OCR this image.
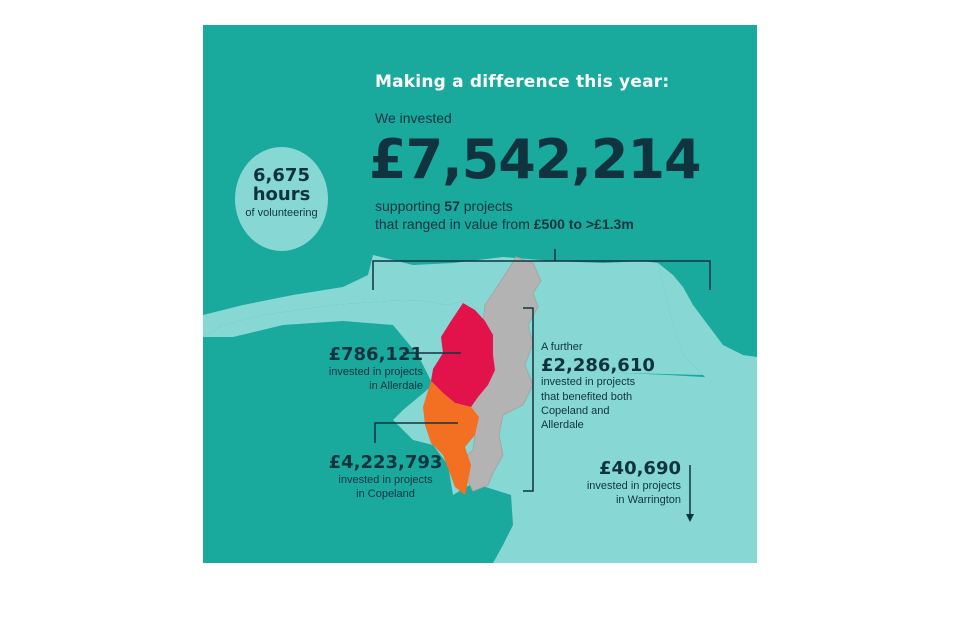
Making a difference this year:

We invested

£7,542,214

supporting 57 projects
that ranged in value from £500 to >£1.3m

6,675
hours
of volunteering
£786,121
invested in projects
in Allerdale
£4,223,793
invested in projects
in Copeland
A further
£2,286,610
invested in projects
that benefited both
Copeland and
Allerdale
£40,690
invested in projects
in Warrington
